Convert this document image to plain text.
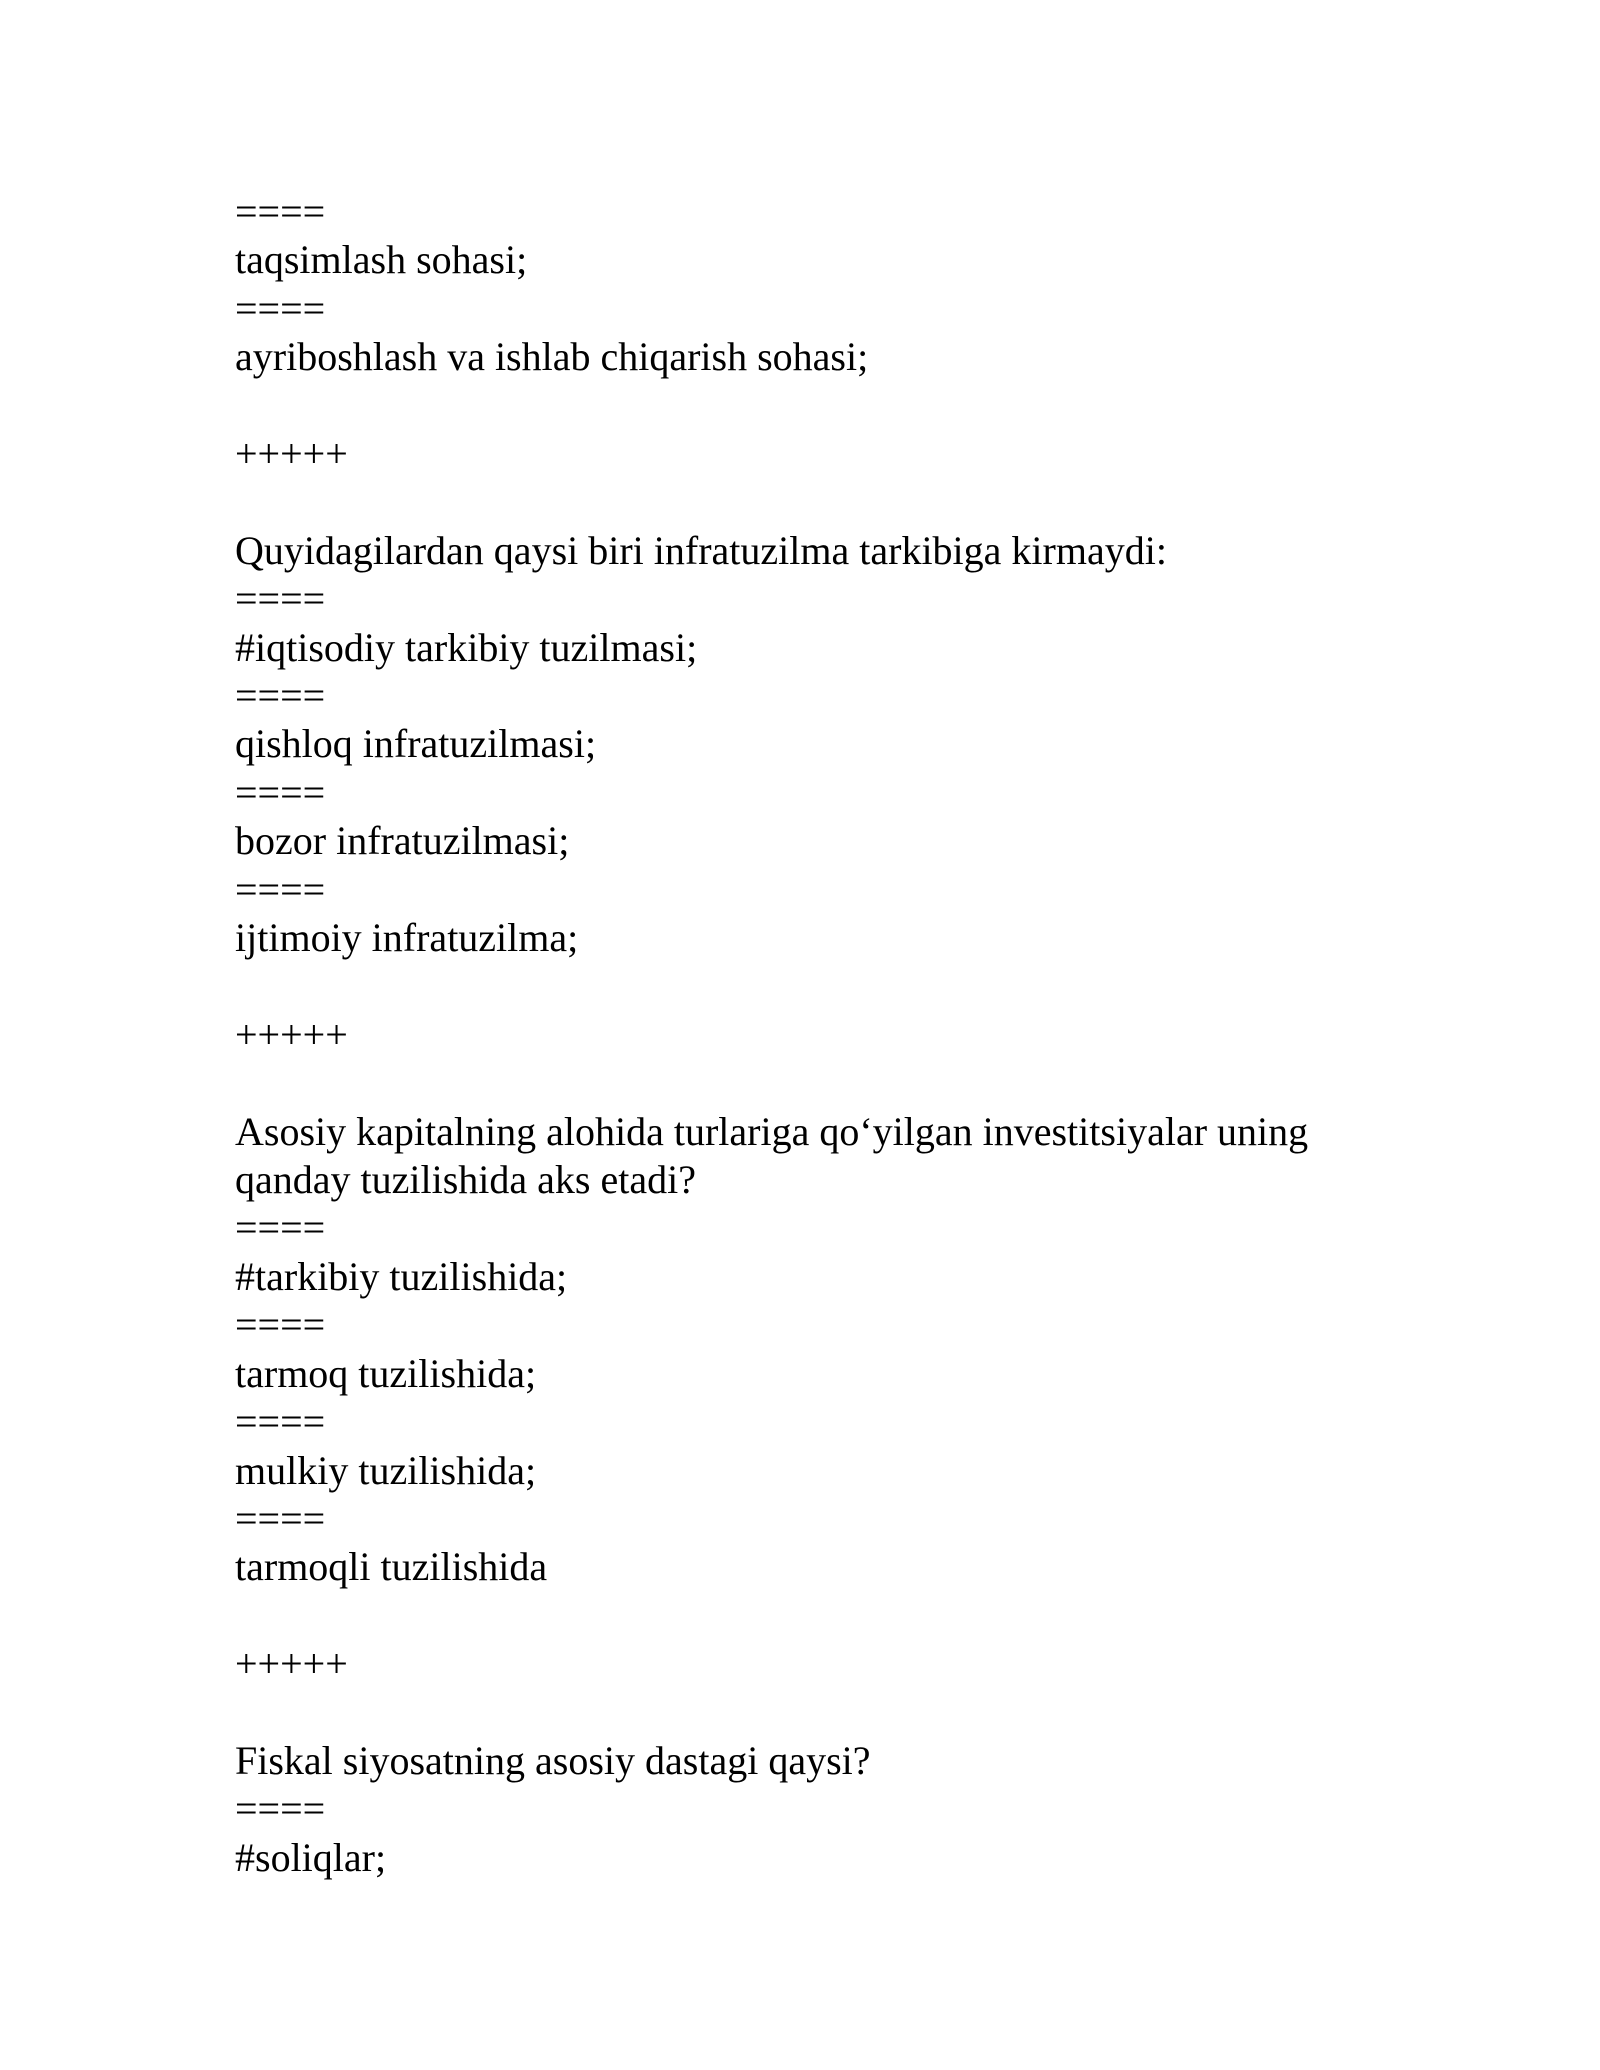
====
taqsimlash sohasi;
====
ayriboshlash va ishlab chiqarish sohasi;
+++++
Quyidagilardan qaysi biri infratuzilma tarkibiga kirmaydi:
====
#iqtisodiy tarkibiy tuzilmasi;
====
qishloq infratuzilmasi;
====
bozor infratuzilmasi;
====
ijtimoiy infratuzilma;
+++++
Asosiy kapitalning alohida turlariga qo‘yilgan investitsiyalar uning
qanday tuzilishida aks etadi?
====
#tarkibiy tuzilishida;
====
tarmoq tuzilishida;
====
mulkiy tuzilishida;
====
tarmoqli tuzilishida
+++++
Fiskal siyosatning asosiy dastagi qaysi?
====
#soliqlar;
